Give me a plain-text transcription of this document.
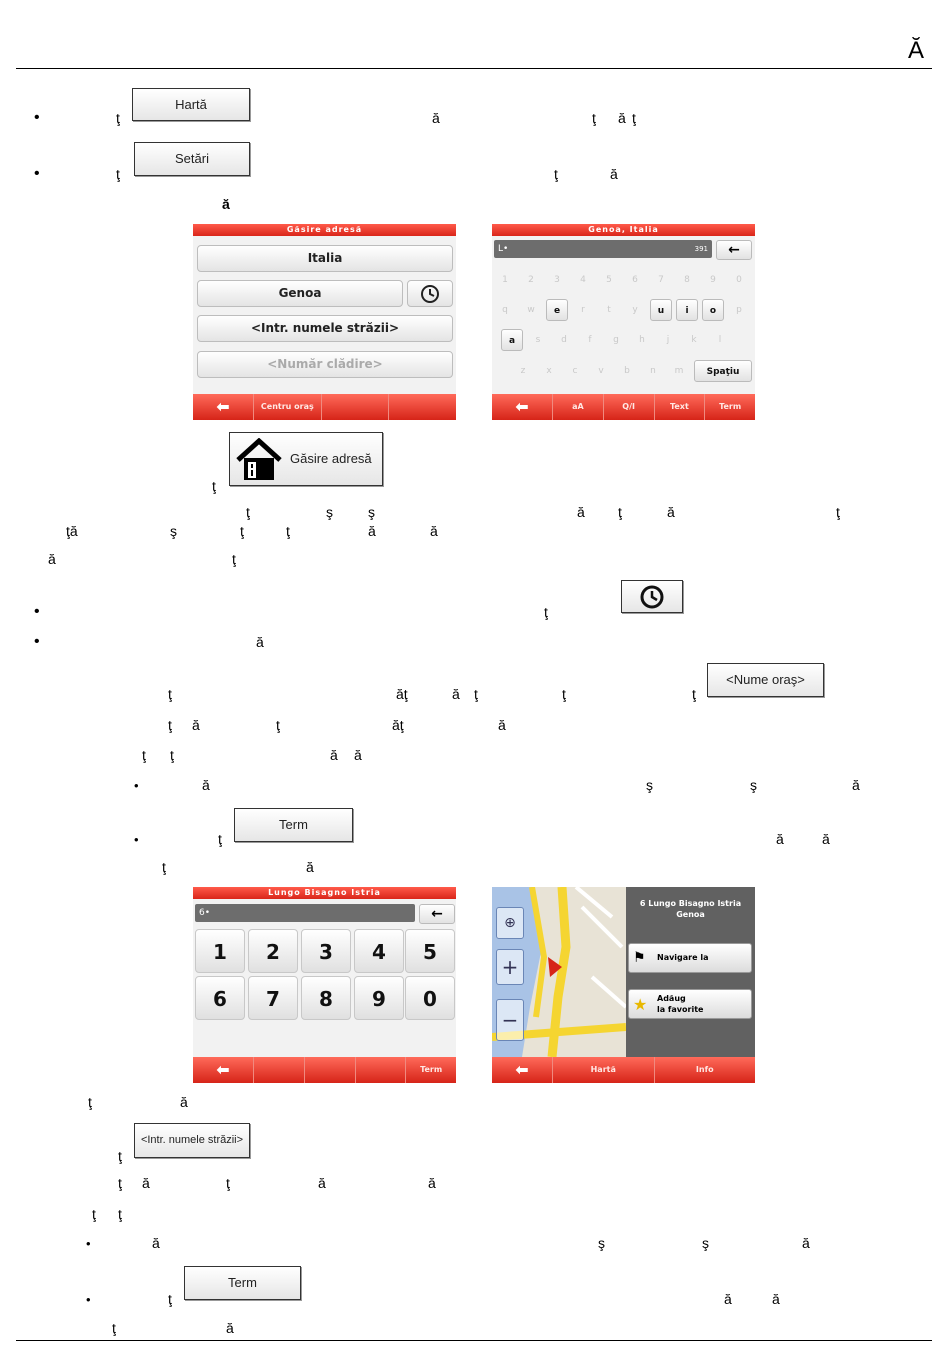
Ă
•	ţ
Hartă
ă	ţ ă ţ
•	ţ
Setări
ţ	ă
ă
Găsire adresă
Italia
Genoa
<Intr. numele străzii>
<Număr clădire>
⬅	Centru oraş
Genoa, Italia
L•	391	←
1	2	3	4	5	6	7	8	9	0
q	w	e	r	t	y	u	i	o	p
a	s	d	f	g	h	j	k	l
z	x	c	v	b	n	m	Spaţiu
⬅	aA	Q/I	Text	Term
ţ
Găsire adresă
ţ	ş	ş	ă ţ	ă	ţ
ţă	ş	ţ	ţ	ă	ă
ă	ţ
•	ţ
•	ă
ţ	ăţ	ă ţ	ţ	ţ
<Nume oraş>
ţ ă	ţ	ăţ	ă
ţ ţ	ă ă
•	ă	ş	ş	ă
•	ţ
Term
ă	ă
ţ	ă
Lungo Bisagno Istria
6•	←
1	2	3	4	5
6	7	8	9	0
⬅	Term
⊕
+
−
6 Lungo Bisagno Istria
Genoa
⚑ Navigare la
★ Adăug
la favorite
⬅	Hartă	Info
ţ	ă
ţ
<Intr. numele străzii>
ţ ă	ţ	ă	ă
ţ ţ
•	ă	ş	ş	ă
•	ţ
Term
ă	ă
ţ	ă
